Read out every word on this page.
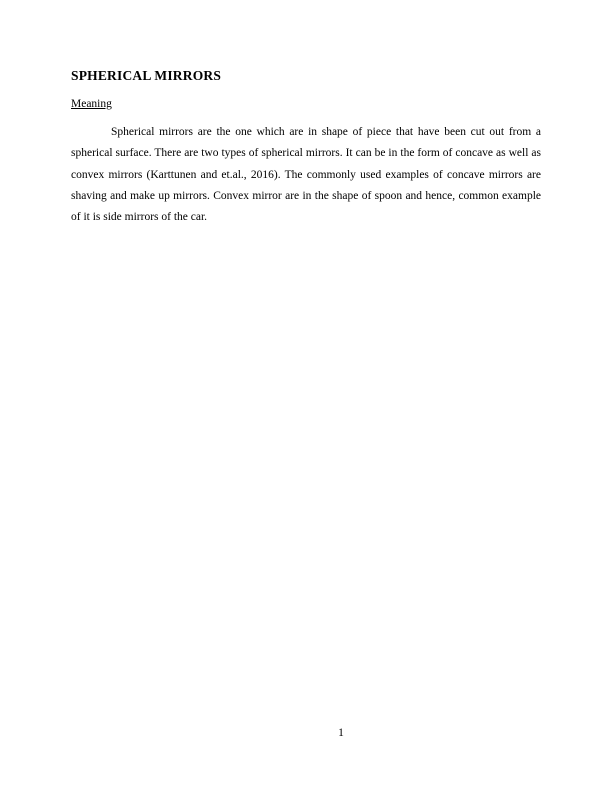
SPHERICAL MIRRORS
Meaning

Spherical mirrors are the one which are in shape of piece that have been cut out from a spherical surface. There are two types of spherical mirrors. It can be in the form of concave as well as convex mirrors (Karttunen and et.al., 2016). The commonly used examples of concave mirrors are shaving and make up mirrors. Convex mirror are in the shape of spoon and hence, common example of it is side mirrors of the car.

1
